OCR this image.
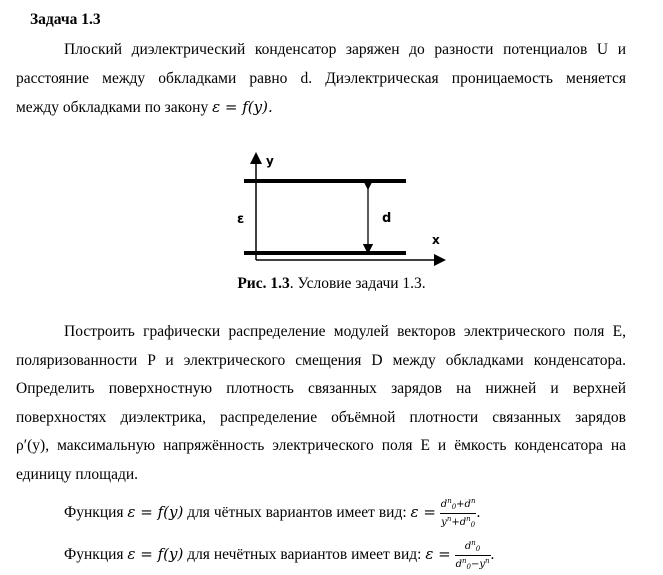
Задача 1.3
Плоский диэлектрический конденсатор заряжен до разности потенциалов U и
расстояние между обкладками равно d. Диэлектрическая проницаемость меняется
между обкладками по закону ε = f(y).
y
x
ε	d
Рис. 1.3. Условие задачи 1.3.
Построить графически распределение модулей векторов электрического поля E,
поляризованности P и электрического смещения D между обкладками конденсатора.
Определить поверхностную плотность связанных зарядов на нижней и верхней
поверхностях диэлектрика, распределение объёмной плотности связанных зарядов
ρ′(y), максимальную напряжённость электрического поля E и ёмкость конденсатора на
единицу площади.
Функция ε = f(y) для чётных вариантов имеет вид: $\varepsilon = \frac{d^n_0+d^n}{y^n+d^n_0}$ .
Функция ε = f(y) для нечётных вариантов имеет вид: $\varepsilon = \frac{d^n_0}{d^n_0-y^n}$ .
